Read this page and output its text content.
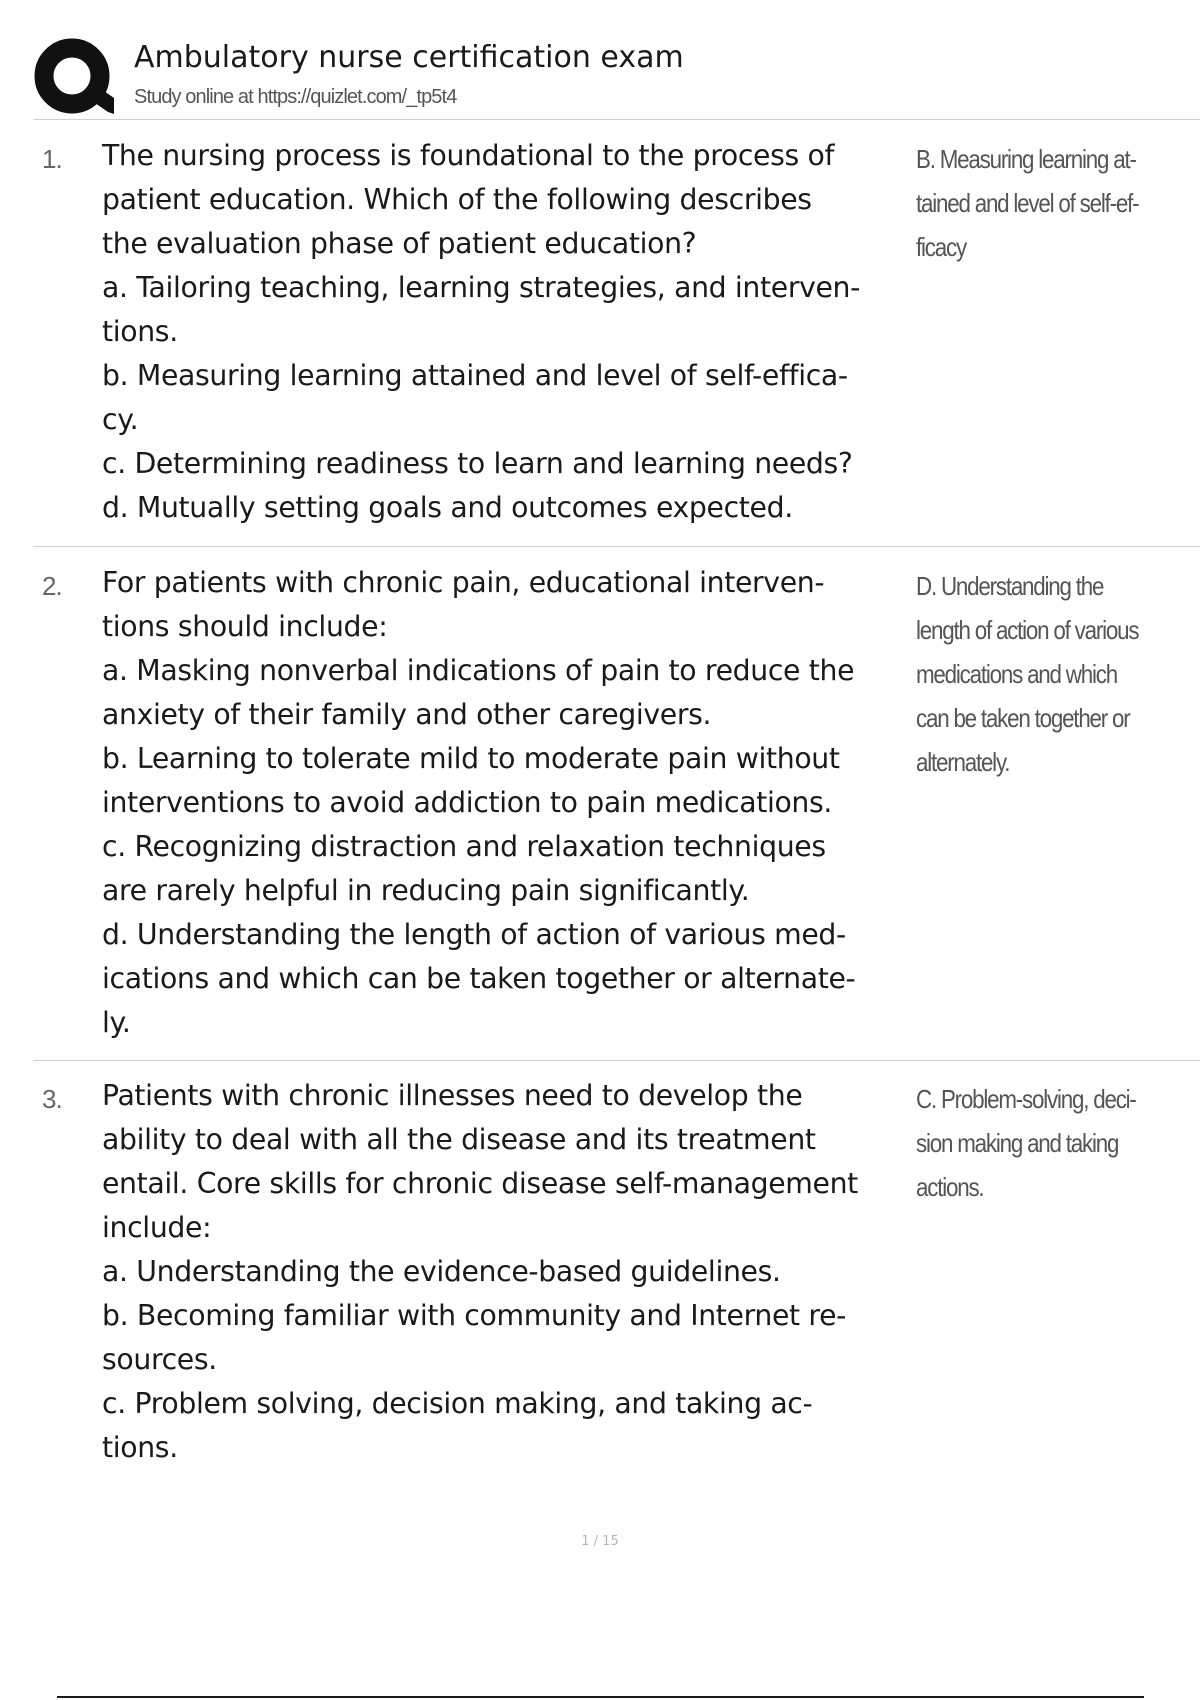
Ambulatory nurse certification exam
Study online at https://quizlet.com/_tp5t4
1. The nursing process is foundational to the process of
patient education. Which of the following describes
the evaluation phase of patient education?
a. Tailoring teaching, learning strategies, and interven-
tions.
b. Measuring learning attained and level of self-effica-
cy.
c. Determining readiness to learn and learning needs?
d. Mutually setting goals and outcomes expected.
B. Measuring learning at-
tained and level of self-ef-
ficacy
2. For patients with chronic pain, educational interven-
tions should include:
a. Masking nonverbal indications of pain to reduce the
anxiety of their family and other caregivers.
b. Learning to tolerate mild to moderate pain without
interventions to avoid addiction to pain medications.
c. Recognizing distraction and relaxation techniques
are rarely helpful in reducing pain significantly.
d. Understanding the length of action of various med-
ications and which can be taken together or alternate-
ly.
D. Understanding the
length of action of various
medications and which
can be taken together or
alternately.
3. Patients with chronic illnesses need to develop the
ability to deal with all the disease and its treatment
entail. Core skills for chronic disease self-management
include:
a. Understanding the evidence-based guidelines.
b. Becoming familiar with community and Internet re-
sources.
c. Problem solving, decision making, and taking ac-
tions.
C. Problem-solving, deci-
sion making and taking
actions.
1 / 15
